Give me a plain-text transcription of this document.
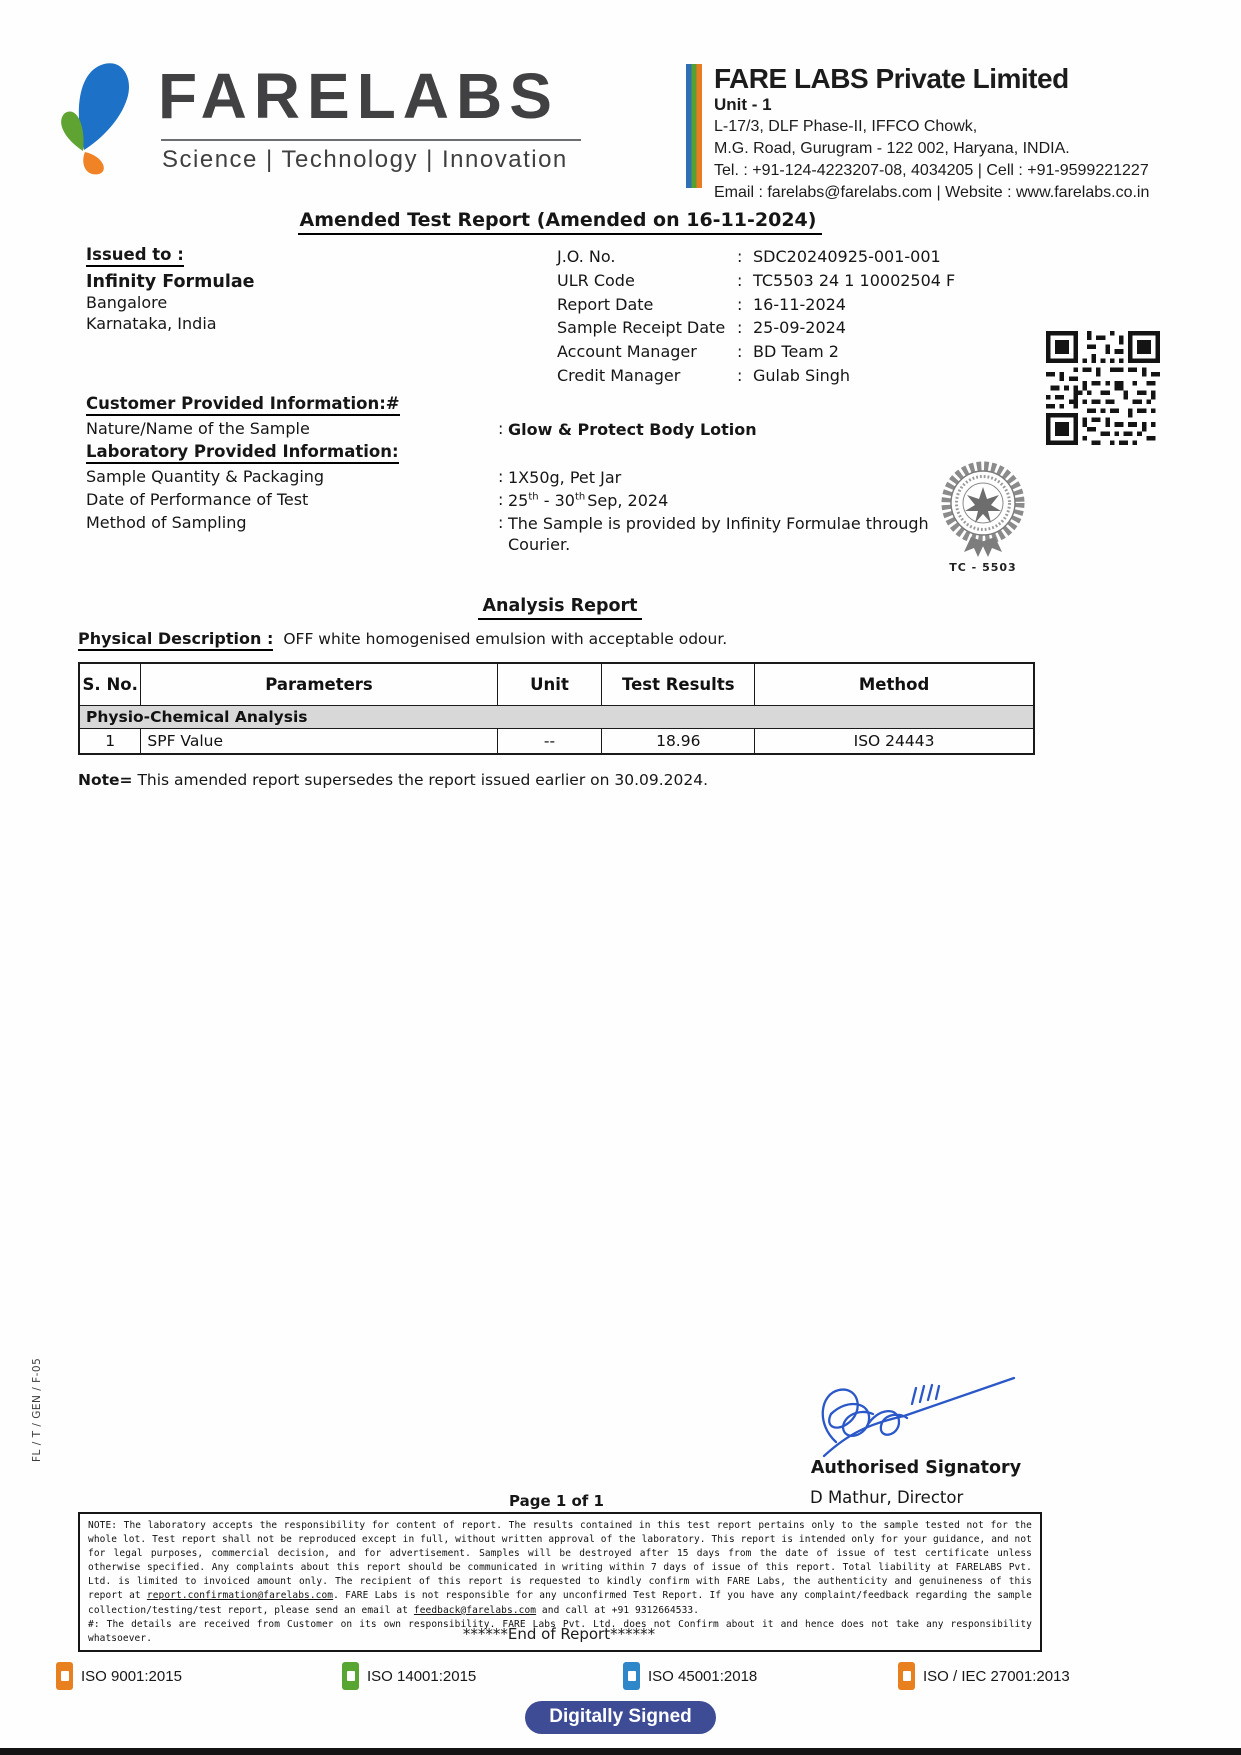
FARELABS
Science | Technology | Innovation
FARE LABS Private Limited
Unit - 1
L-17/3, DLF Phase-II, IFFCO Chowk,
M.G. Road, Gurugram - 122 002, Haryana, INDIA.
Tel. : +91-124-4223207-08, 4034205 | Cell : +91-9599221227
Email : farelabs@farelabs.com | Website : www.farelabs.co.in
Amended Test Report (Amended on 16-11-2024)
Issued to :
Infinity Formulae
Bangalore
Karnataka, India
J.O. No. :	SDC20240925-001-001
ULR Code :	TC5503 24 1 10002504 F
Report Date :	16-11-2024
Sample Receipt Date : 25-09-2024
Account Manager :	BD Team 2
Credit Manager :	Gulab Singh
Customer Provided Information:#
Nature/Name of the Sample :	Glow & Protect Body Lotion
Laboratory Provided Information:
Sample Quantity & Packaging :	1X50g, Pet Jar
Date of Performance of Test :	25th - 30th Sep, 2024
Method of Sampling :	The Sample is provided by Infinity Formulae through Courier.
TC - 5503
Analysis Report
Physical Description : OFF white homogenised emulsion with acceptable odour.
S. No.	Parameters	Unit	Test Results	Method
Physio-Chemical Analysis				
1	SPF Value	--	18.96	ISO 24443
Note= This amended report supersedes the report issued earlier on 30.09.2024.
Authorised Signatory
D Mathur, Director
Page 1 of 1
FL / T / GEN / F-05
NOTE: The laboratory accepts the responsibility for content of report. The results contained in this test report pertains only to the sample tested not for the whole lot. Test report shall not be reproduced except in full, without written approval of the laboratory. This report is intended only for your guidance, and not for legal purposes, commercial decision, and for advertisement. Samples will be destroyed after 15 days from the date of issue of test certificate unless otherwise specified. Any complaints about this report should be communicated in writing within 7 days of issue of this report. Total liability at FARELABS Pvt. Ltd. is limited to invoiced amount only. The recipient of this report is requested to kindly confirm with FARE Labs, the authenticity and genuineness of this report at report.confirmation@farelabs.com. FARE Labs is not responsible for any unconfirmed Test Report. If you have any complaint/feedback regarding the sample collection/testing/test report, please send an email at feedback@farelabs.com and call at +91 9312664533.
#: The details are received from Customer on its own responsibility. FARE Labs Pvt. Ltd. does not Confirm about it and hence does not take any responsibility whatsoever.	******End of Report******
ISO 9001:2015	ISO 14001:2015	ISO 45001:2018	ISO / IEC 27001:2013
Digitally Signed
